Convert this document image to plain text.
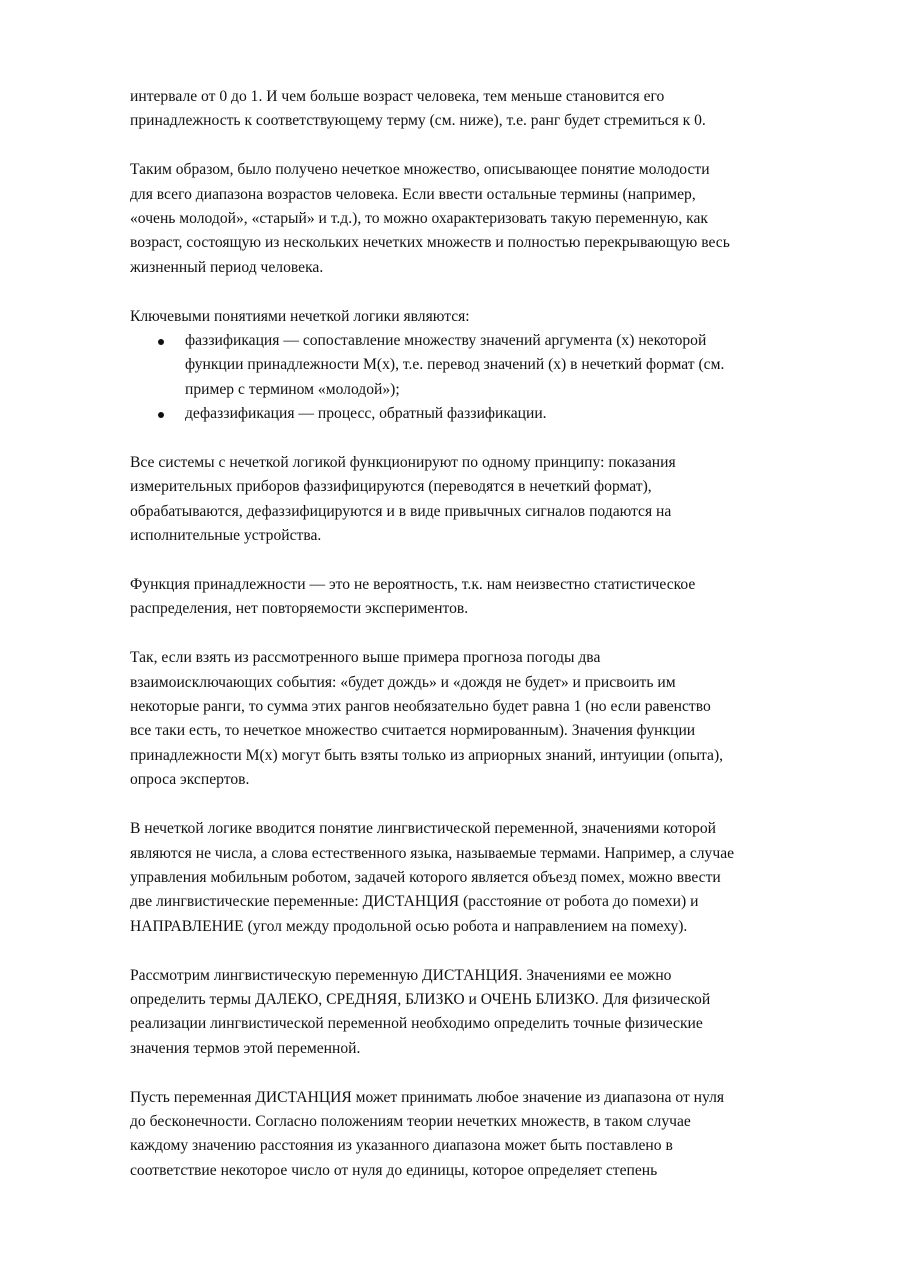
интервале от 0 до 1. И чем больше возраст человека, тем меньше становится его
принадлежность к соответствующему терму (см. ниже), т.е. ранг будет стремиться к 0.

Таким образом, было получено нечеткое множество, описывающее понятие молодости
для всего диапазона возрастов человека. Если ввести остальные термины (например,
«очень молодой», «старый» и т.д.), то можно охарактеризовать такую переменную, как
возраст, состоящую из нескольких нечетких множеств и полностью перекрывающую весь
жизненный период человека.

Ключевыми понятиями нечеткой логики являются:

фаззификация — сопоставление множеству значений аргумента (x) некоторой
функции принадлежности M(x), т.е. перевод значений (x) в нечеткий формат (см.
пример с термином «молодой»);
дефаззификация — процесс, обратный фаззификации.

Все системы с нечеткой логикой функционируют по одному принципу: показания
измерительных приборов фаззифицируются (переводятся в нечеткий формат),
обрабатываются, дефаззифицируются и в виде привычных сигналов подаются на
исполнительные устройства.

Функция принадлежности — это не вероятность, т.к. нам неизвестно статистическое
распределения, нет повторяемости экспериментов.

Так, если взять из рассмотренного выше примера прогноза погоды два
взаимоисключающих события: «будет дождь» и «дождя не будет» и присвоить им
некоторые ранги, то сумма этих рангов необязательно будет равна 1 (но если равенство
все таки есть, то нечеткое множество считается нормированным). Значения функции
принадлежности M(x) могут быть взяты только из априорных знаний, интуиции (опыта),
опроса экспертов.

В нечеткой логике вводится понятие лингвистической переменной, значениями которой
являются не числа, а слова естественного языка, называемые термами. Например, а случае
управления мобильным роботом, задачей которого является объезд помех, можно ввести
две лингвистические переменные: ДИСТАНЦИЯ (расстояние от робота до помехи) и
НАПРАВЛЕНИЕ (угол между продольной осью робота и направлением на помеху).

Рассмотрим лингвистическую переменную ДИСТАНЦИЯ. Значениями ее можно
определить термы ДАЛЕКО, СРЕДНЯЯ, БЛИЗКО и ОЧЕНЬ БЛИЗКО. Для физической
реализации лингвистической переменной необходимо определить точные физические
значения термов этой переменной.

Пусть переменная ДИСТАНЦИЯ может принимать любое значение из диапазона от нуля
до бесконечности. Согласно положениям теории нечетких множеств, в таком случае
каждому значению расстояния из указанного диапазона может быть поставлено в
соответствие некоторое число от нуля до единицы, которое определяет степень
